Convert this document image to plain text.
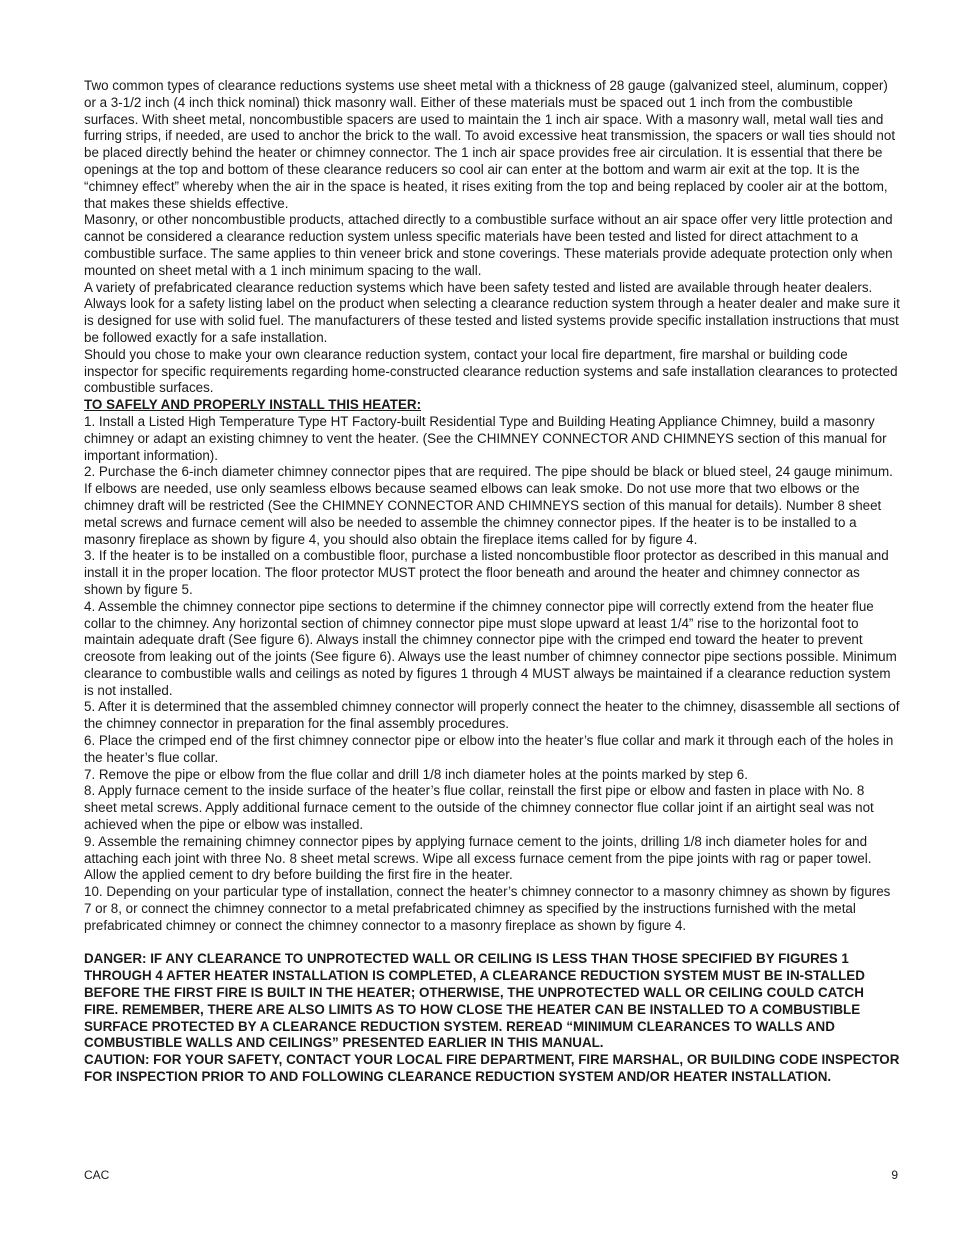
Two common types of clearance reductions systems use sheet metal with a thickness of 28 gauge (galvanized steel, aluminum, copper) or a 3-1/2 inch (4 inch thick nominal) thick masonry wall. Either of these materials must be spaced out 1 inch from the combustible surfaces. With sheet metal, noncombustible spacers are used to maintain the 1 inch air space. With a masonry wall, metal wall ties and furring strips, if needed, are used to anchor the brick to the wall. To avoid excessive heat transmission, the spacers or wall ties should not be placed directly behind the heater or chimney connector. The 1 inch air space provides free air circulation. It is essential that there be openings at the top and bottom of these clearance reducers so cool air can enter at the bottom and warm air exit at the top. It is the “chimney effect” whereby when the air in the space is heated, it rises exiting from the top and being replaced by cooler air at the bottom, that makes these shields effective.

Masonry, or other noncombustible products, attached directly to a combustible surface without an air space offer very little protection and cannot be considered a clearance reduction system unless specific materials have been tested and listed for direct attachment to a combustible surface. The same applies to thin veneer brick and stone coverings. These materials provide adequate protection only when mounted on sheet metal with a 1 inch minimum spacing to the wall.

A variety of prefabricated clearance reduction systems which have been safety tested and listed are available through heater dealers. Always look for a safety listing label on the product when selecting a clearance reduction system through a heater dealer and make sure it is designed for use with solid fuel. The manufacturers of these tested and listed systems provide specific installation instructions that must be followed exactly for a safe installation.

Should you chose to make your own clearance reduction system, contact your local fire department, fire marshal or building code inspector for specific requirements regarding home-constructed clearance reduction systems and safe installation clearances to protected combustible surfaces.

TO SAFELY AND PROPERLY INSTALL THIS HEATER:

1. Install a Listed High Temperature Type HT Factory-built Residential Type and Building Heating Appliance Chimney, build a masonry chimney or adapt an existing chimney to vent the heater. (See the CHIMNEY CONNECTOR AND CHIMNEYS section of this manual for important information).

2. Purchase the 6-inch diameter chimney connector pipes that are required. The pipe should be black or blued steel, 24 gauge minimum. If elbows are needed, use only seamless elbows because seamed elbows can leak smoke. Do not use more that two elbows or the chimney draft will be restricted (See the CHIMNEY CONNECTOR AND CHIMNEYS section of this manual for details). Number 8 sheet metal screws and furnace cement will also be needed to assemble the chimney connector pipes. If the heater is to be installed to a masonry fireplace as shown by figure 4, you should also obtain the fireplace items called for by figure 4.

3. If the heater is to be installed on a combustible floor, purchase a listed noncombustible floor protector as described in this manual and install it in the proper location. The floor protector MUST protect the floor beneath and around the heater and chimney connector as shown by figure 5.

4. Assemble the chimney connector pipe sections to determine if the chimney connector pipe will correctly extend from the heater flue collar to the chimney. Any horizontal section of chimney connector pipe must slope upward at least 1/4” rise to the horizontal foot to maintain adequate draft (See figure 6). Always install the chimney connector pipe with the crimped end toward the heater to prevent creosote from leaking out of the joints (See figure 6). Always use the least number of chimney connector pipe sections possible. Minimum clearance to combustible walls and ceilings as noted by figures 1 through 4 MUST always be maintained if a clearance reduction system is not installed.

5. After it is determined that the assembled chimney connector will properly connect the heater to the chimney, disassemble all sections of the chimney connector in preparation for the final assembly procedures.

6. Place the crimped end of the first chimney connector pipe or elbow into the heater’s flue collar and mark it through each of the holes in the heater’s flue collar.

7. Remove the pipe or elbow from the flue collar and drill 1/8 inch diameter holes at the points marked by step 6.

8. Apply furnace cement to the inside surface of the heater’s flue collar, reinstall the first pipe or elbow and fasten in place with No. 8 sheet metal screws. Apply additional furnace cement to the outside of the chimney connector flue collar joint if an airtight seal was not achieved when the pipe or elbow was installed.

9. Assemble the remaining chimney connector pipes by applying furnace cement to the joints, drilling 1/8 inch diameter holes for and attaching each joint with three No. 8 sheet metal screws. Wipe all excess furnace cement from the pipe joints with rag or paper towel. Allow the applied cement to dry before building the first fire in the heater.

10. Depending on your particular type of installation, connect the heater’s chimney connector to a masonry chimney as shown by figures 7 or 8, or connect the chimney connector to a metal prefabricated chimney as specified by the instructions furnished with the metal prefabricated chimney or connect the chimney connector to a masonry fireplace as shown by figure 4.

DANGER: IF ANY CLEARANCE TO UNPROTECTED WALL OR CEILING IS LESS THAN THOSE SPECIFIED BY FIGURES 1 THROUGH 4 AFTER HEATER INSTALLATION IS COMPLETED, A CLEARANCE REDUCTION SYSTEM MUST BE IN-STALLED BEFORE THE FIRST FIRE IS BUILT IN THE HEATER; OTHERWISE, THE UNPROTECTED WALL OR CEILING COULD CATCH FIRE. REMEMBER, THERE ARE ALSO LIMITS AS TO HOW CLOSE THE HEATER CAN BE INSTALLED TO A COMBUSTIBLE SURFACE PROTECTED BY A CLEARANCE REDUCTION SYSTEM. REREAD “MINIMUM CLEARANCES TO WALLS AND COMBUSTIBLE WALLS AND CEILINGS” PRESENTED EARLIER IN THIS MANUAL.

CAUTION: FOR YOUR SAFETY, CONTACT YOUR LOCAL FIRE DEPARTMENT, FIRE MARSHAL, OR BUILDING CODE INSPECTOR FOR INSPECTION PRIOR TO AND FOLLOWING CLEARANCE REDUCTION SYSTEM AND/OR HEATER INSTALLATION.

CAC	9
